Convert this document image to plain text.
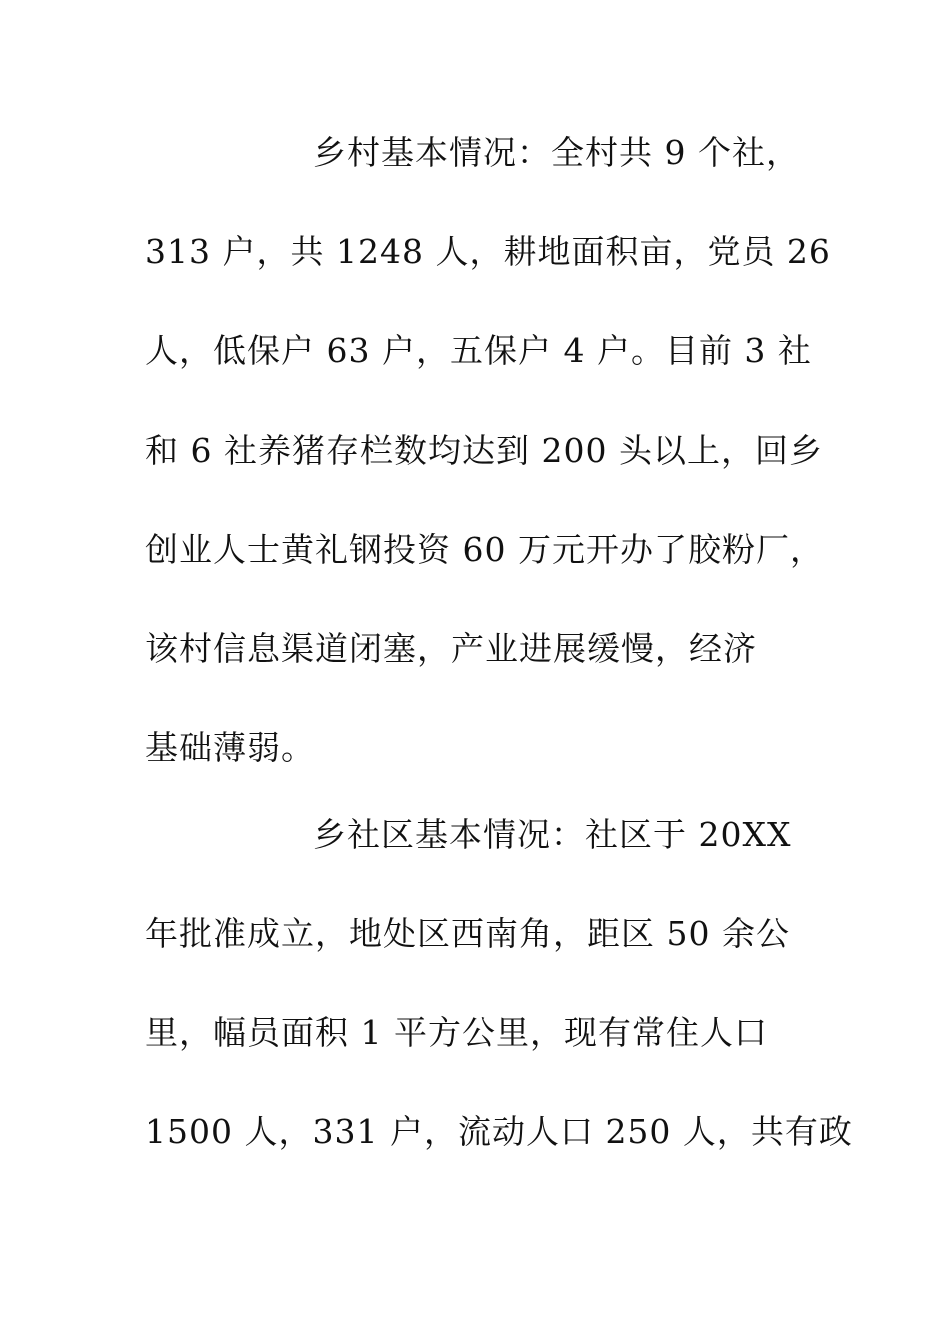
乡村基本情况：全村共 9 个社，
313 户，共 1248 人，耕地面积亩，党员 26
人，低保户 63 户，五保户 4 户。目前 3 社
和 6 社养猪存栏数均达到 200 头以上，回乡
创业人士黄礼钢投资 60 万元开办了胶粉厂，
该村信息渠道闭塞，产业进展缓慢，经济
基础薄弱。
乡社区基本情况：社区于 20XX
年批准成立，地处区西南角，距区 50 余公
里，幅员面积 1 平方公里，现有常住人口
1500 人，331 户，流动人口 250 人，共有政
